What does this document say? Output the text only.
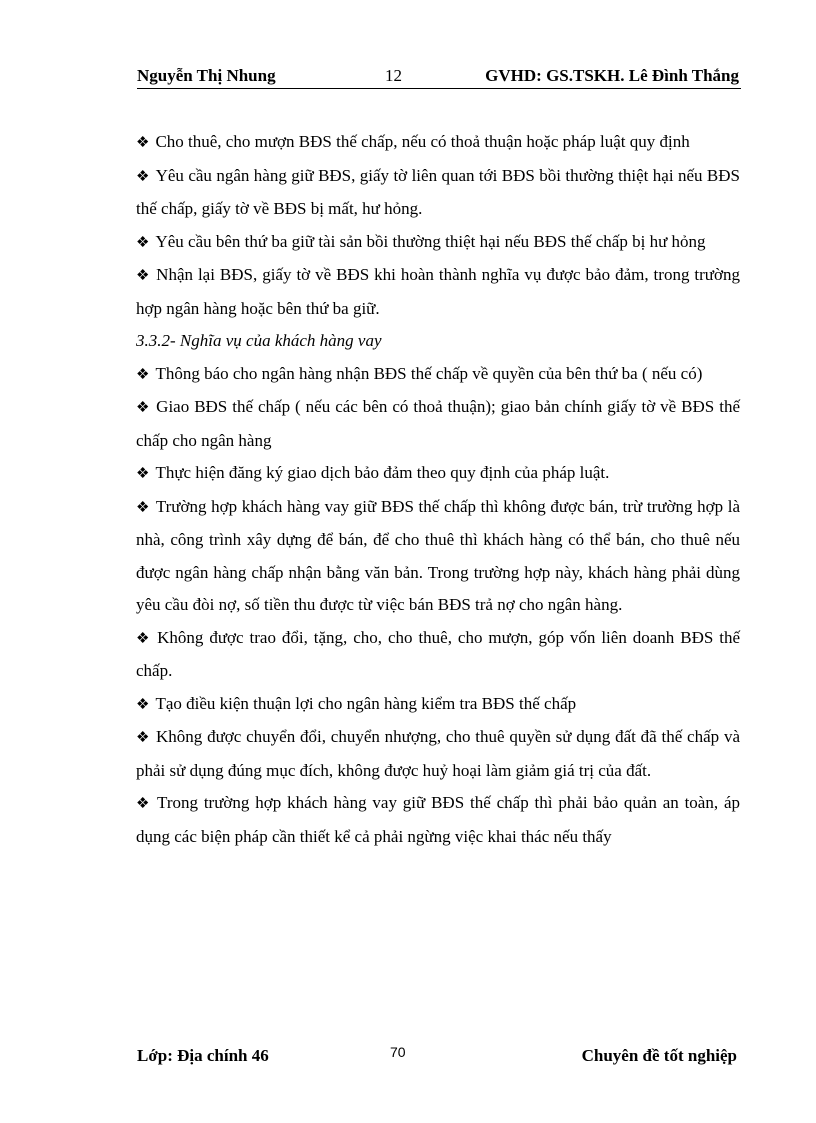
Nguyễn Thị Nhung	12	GVHD: GS.TSKH. Lê Đình Thắng

❖ Cho thuê, cho mượn BĐS thế chấp, nếu có thoả thuận hoặc pháp luật quy định

❖ Yêu cầu ngân hàng giữ BĐS, giấy tờ liên quan tới BĐS bồi thường thiệt hại nếu BĐS thế chấp, giấy tờ về BĐS bị mất, hư hỏng.

❖ Yêu cầu bên thứ ba giữ tài sản bồi thường thiệt hại nếu BĐS thế chấp bị hư hỏng

❖ Nhận lại BĐS, giấy tờ về BĐS khi hoàn thành nghĩa vụ được bảo đảm, trong trường hợp ngân hàng hoặc bên thứ ba giữ.

3.3.2- Nghĩa vụ của khách hàng vay

❖ Thông báo cho ngân hàng nhận BĐS thế chấp về quyền của bên thứ ba ( nếu có)

❖ Giao BĐS thế chấp ( nếu các bên có thoả thuận); giao bản chính giấy tờ về BĐS thế chấp cho ngân hàng

❖ Thực hiện đăng ký giao dịch bảo đảm theo quy định của pháp luật.

❖ Trường hợp khách hàng vay giữ BĐS thế chấp thì không được bán, trừ trường hợp là nhà, công trình xây dựng để bán, để cho thuê thì khách hàng có thể bán, cho thuê nếu được ngân hàng chấp nhận bằng văn bản. Trong trường hợp này, khách hàng phải dùng yêu cầu đòi nợ, số tiền thu được từ việc bán BĐS trả nợ cho ngân hàng.

❖ Không được trao đổi, tặng, cho, cho thuê, cho mượn, góp vốn liên doanh BĐS thế chấp.

❖ Tạo điều kiện thuận lợi cho ngân hàng kiểm tra BĐS thế chấp

❖ Không được chuyển đổi, chuyển nhượng, cho thuê quyền sử dụng đất đã thế chấp và phải sử dụng đúng mục đích, không được huỷ hoại làm giảm giá trị của đất.

❖ Trong trường hợp khách hàng vay giữ BĐS thế chấp thì phải bảo quản an toàn, áp dụng các biện pháp cần thiết kể cả phải ngừng việc khai thác nếu thấy

Lớp: Địa chính 46	70	Chuyên đề tốt nghiệp
